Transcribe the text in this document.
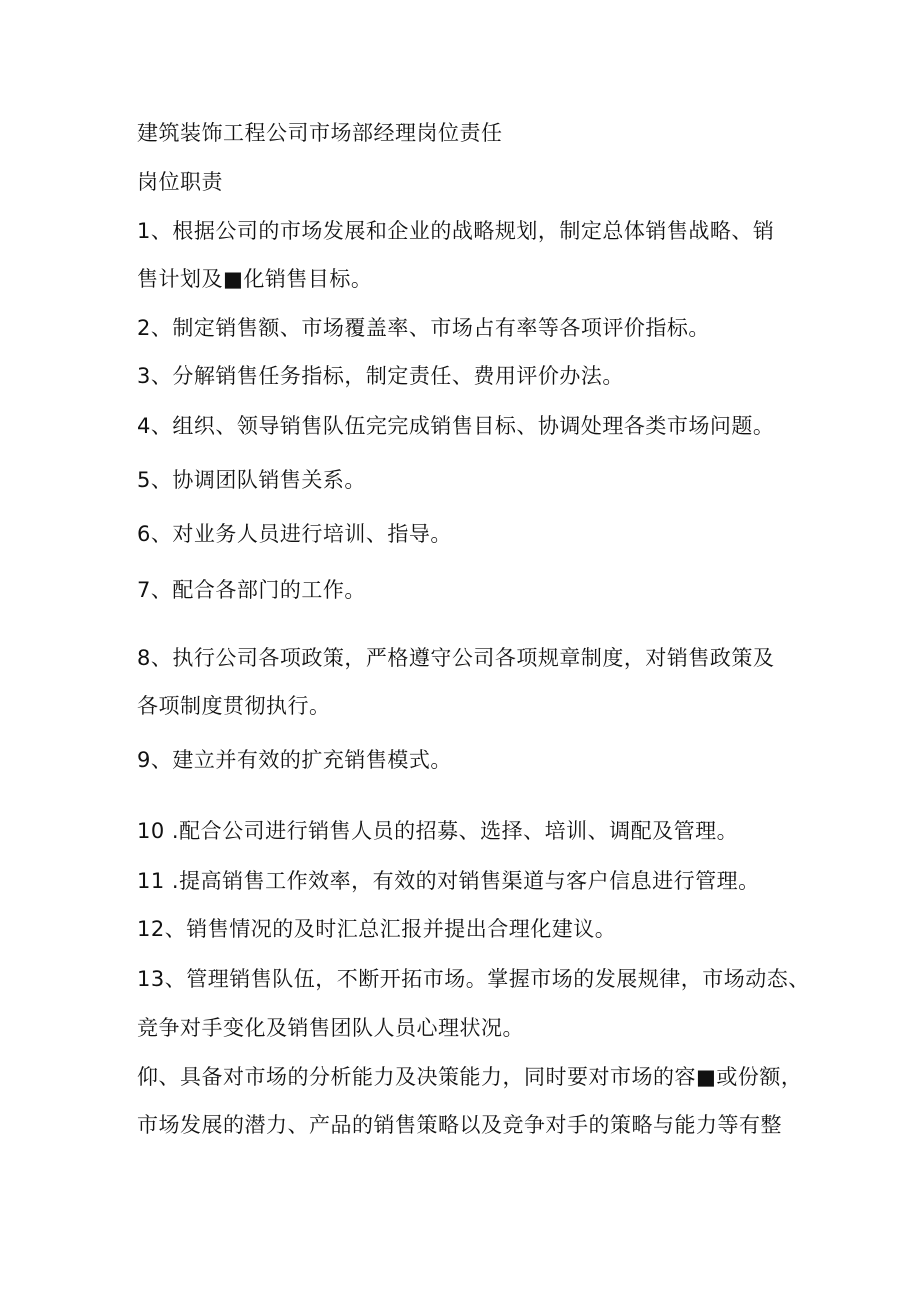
建筑装饰工程公司市场部经理岗位责任
岗位职责
1、根据公司的市场发展和企业的战略规划，制定总体销售战略、销
售计划及■化销售目标。
2、制定销售额、市场覆盖率、市场占有率等各项评价指标。
3、分解销售任务指标，制定责任、费用评价办法。
4、组织、领导销售队伍完完成销售目标、协调处理各类市场问题。
5、协调团队销售关系。
6、对业务人员进行培训、指导。
7、配合各部门的工作。
8、执行公司各项政策，严格遵守公司各项规章制度，对销售政策及
各项制度贯彻执行。
9、建立并有效的扩充销售模式。
10 .配合公司进行销售人员的招募、选择、培训、调配及管理。
11 .提高销售工作效率，有效的对销售渠道与客户信息进行管理。
12、销售情况的及时汇总汇报并提出合理化建议。
13、管理销售队伍，不断开拓市场。掌握市场的发展规律，市场动态、
竞争对手变化及销售团队人员心理状况。
仰、具备对市场的分析能力及决策能力，同时要对市场的容■或份额，
市场发展的潜力、产品的销售策略以及竞争对手的策略与能力等有整
